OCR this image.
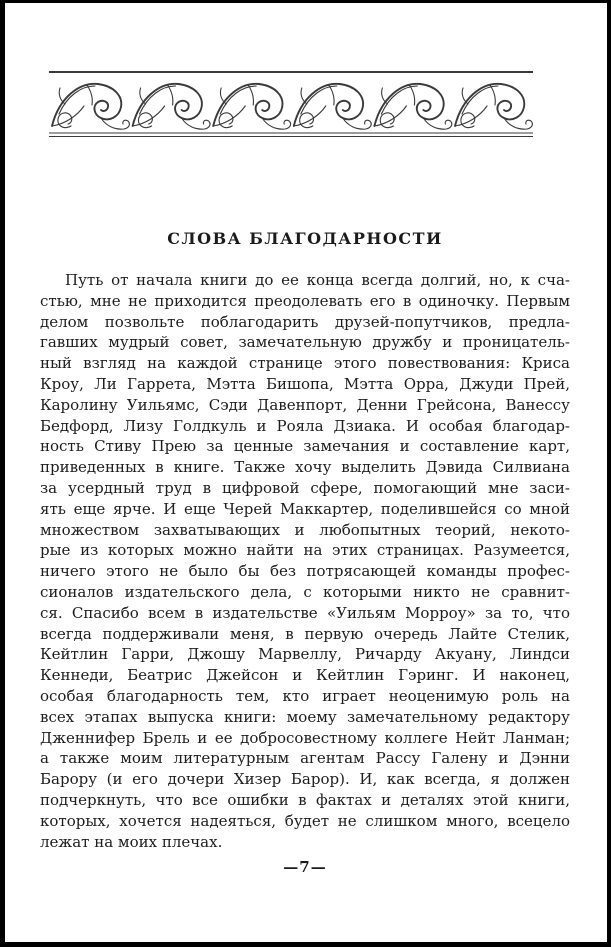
СЛОВА БЛАГОДАРНОСТИ
Путь от начала книги до ее конца всегда долгий, но, к сча-
стью, мне не приходится преодолевать его в одиночку. Первым
делом позвольте поблагодарить друзей-попутчиков, предла-
гавших мудрый совет, замечательную дружбу и проницатель-
ный взгляд на каждой странице этого повествования: Криса
Кроу, Ли Гаррета, Мэтта Бишопа, Мэтта Орра, Джуди Прей,
Каролину Уильямс, Сэди Давенпорт, Денни Грейсона, Ванессу
Бедфорд, Лизу Голдкуль и Рояла Дзиака. И особая благодар-
ность Стиву Прею за ценные замечания и составление карт,
приведенных в книге. Также хочу выделить Дэвида Силвиана
за усердный труд в цифровой сфере, помогающий мне заси-
ять еще ярче. И еще Черей Маккартер, поделившейся со мной
множеством захватывающих и любопытных теорий, некото-
рые из которых можно найти на этих страницах. Разумеется,
ничего этого не было бы без потрясающей команды профес-
сионалов издательского дела, с которыми никто не сравнит-
ся. Спасибо всем в издательстве «Уильям Морроу» за то, что
всегда поддерживали меня, в первую очередь Лайте Стелик,
Кейтлин Гарри, Джошу Марвеллу, Ричарду Акуану, Линдси
Кеннеди, Беатрис Джейсон и Кейтлин Гэринг. И наконец,
особая благодарность тем, кто играет неоценимую роль на
всех этапах выпуска книги: моему замечательному редактору
Дженнифер Брель и ее добросовестному коллеге Нейт Ланман;
а также моим литературным агентам Рассу Галену и Дэнни
Барору (и его дочери Хизер Барор). И, как всегда, я должен
подчеркнуть, что все ошибки в фактах и деталях этой книги,
которых, хочется надеяться, будет не слишком много, всецело
лежат на моих плечах.
—7—
